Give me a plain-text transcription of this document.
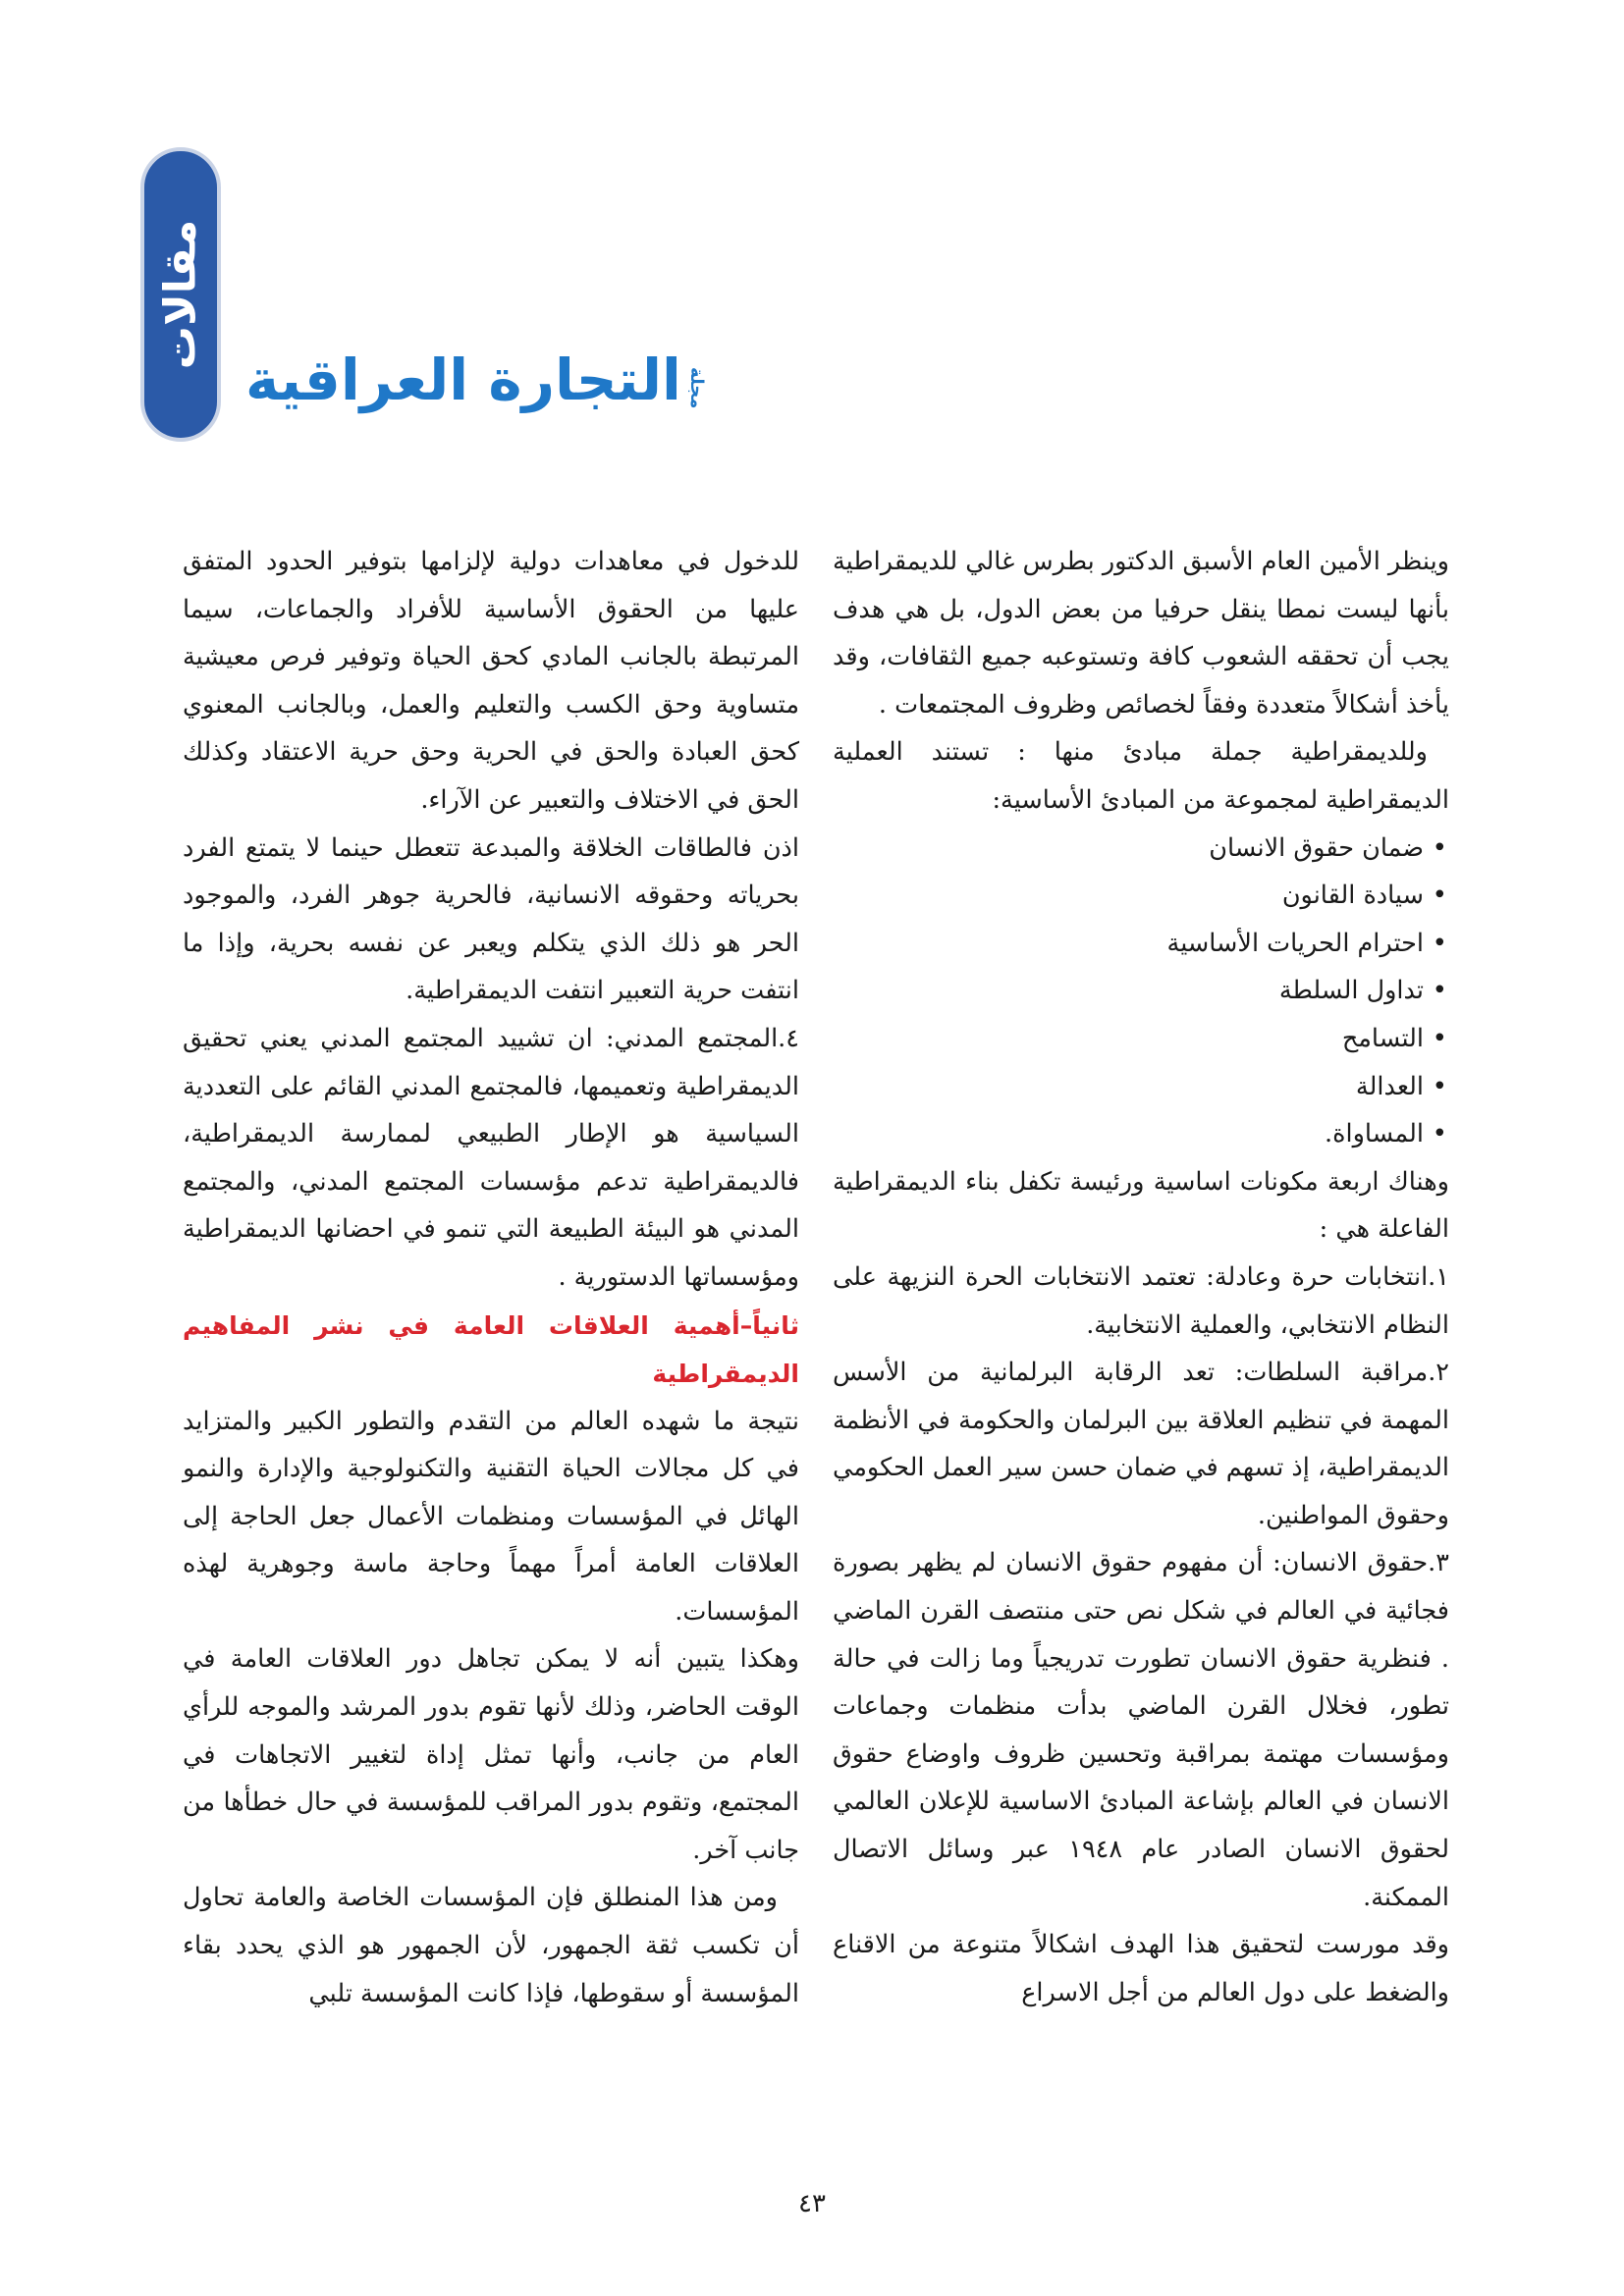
مقالات
مجلة
التجارة العراقية

وينظر الأمين العام الأسبق الدكتور بطرس غالي للديمقراطية بأنها ليست نمطا ينقل حرفيا من بعض الدول، بل هي هدف يجب أن تحققه الشعوب كافة وتستوعبه جميع الثقافات، وقد يأخذ أشكالاً متعددة وفقاً لخصائص وظروف المجتمعات .

وللديمقراطية جملة مبادئ منها : تستند العملية الديمقراطية لمجموعة من المبادئ الأساسية:

• ضمان حقوق الانسان
• سيادة القانون
• احترام الحريات الأساسية
• تداول السلطة
• التسامح
• العدالة
• المساواة.

وهناك اربعة مكونات اساسية ورئيسة تكفل بناء الديمقراطية الفاعلة هي :

١.انتخابات حرة وعادلة: تعتمد الانتخابات الحرة النزيهة على النظام الانتخابي، والعملية الانتخابية.

٢.مراقبة السلطات: تعد الرقابة البرلمانية من الأسس المهمة في تنظيم العلاقة بين البرلمان والحكومة في الأنظمة الديمقراطية، إذ تسهم في ضمان حسن سير العمل الحكومي وحقوق المواطنين.

٣.حقوق الانسان: أن مفهوم حقوق الانسان لم يظهر بصورة فجائية في العالم في شكل نص حتى منتصف القرن الماضي . فنظرية حقوق الانسان تطورت تدريجياً وما زالت في حالة تطور، فخلال القرن الماضي بدأت منظمات وجماعات ومؤسسات مهتمة بمراقبة وتحسين ظروف واوضاع حقوق الانسان في العالم بإشاعة المبادئ الاساسية للإعلان العالمي لحقوق الانسان الصادر عام ١٩٤٨ عبر وسائل الاتصال الممكنة.

وقد مورست لتحقيق هذا الهدف اشكالاً متنوعة من الاقناع والضغط على دول العالم من أجل الاسراع

للدخول في معاهدات دولية لإلزامها بتوفير الحدود المتفق عليها من الحقوق الأساسية للأفراد والجماعات، سيما المرتبطة بالجانب المادي كحق الحياة وتوفير فرص معيشية متساوية وحق الكسب والتعليم والعمل، وبالجانب المعنوي كحق العبادة والحق في الحرية وحق حرية الاعتقاد وكذلك الحق في الاختلاف والتعبير عن الآراء.

اذن فالطاقات الخلاقة والمبدعة تتعطل حينما لا يتمتع الفرد بحرياته وحقوقه الانسانية، فالحرية جوهر الفرد، والموجود الحر هو ذلك الذي يتكلم ويعبر عن نفسه بحرية، وإذا ما انتفت حرية التعبير انتفت الديمقراطية.

٤.المجتمع المدني: ان تشييد المجتمع المدني يعني تحقيق الديمقراطية وتعميمها، فالمجتمع المدني القائم على التعددية السياسية هو الإطار الطبيعي لممارسة الديمقراطية، فالديمقراطية تدعم مؤسسات المجتمع المدني، والمجتمع المدني هو البيئة الطبيعة التي تنمو في احضانها الديمقراطية ومؤسساتها الدستورية .

ثانياً–أهمية العلاقات العامة في نشر المفاهيم الديمقراطية

نتيجة ما شهده العالم من التقدم والتطور الكبير والمتزايد في كل مجالات الحياة التقنية والتكنولوجية والإدارة والنمو الهائل في المؤسسات ومنظمات الأعمال جعل الحاجة إلى العلاقات العامة أمراً مهماً وحاجة ماسة وجوهرية لهذه المؤسسات.

وهكذا يتبين أنه لا يمكن تجاهل دور العلاقات العامة في الوقت الحاضر، وذلك لأنها تقوم بدور المرشد والموجه للرأي العام من جانب، وأنها تمثل إداة لتغيير الاتجاهات في المجتمع، وتقوم بدور المراقب للمؤسسة في حال خطأها من جانب آخر.

ومن هذا المنطلق فإن المؤسسات الخاصة والعامة تحاول أن تكسب ثقة الجمهور، لأن الجمهور هو الذي يحدد بقاء المؤسسة أو سقوطها، فإذا كانت المؤسسة تلبي

٤٣
